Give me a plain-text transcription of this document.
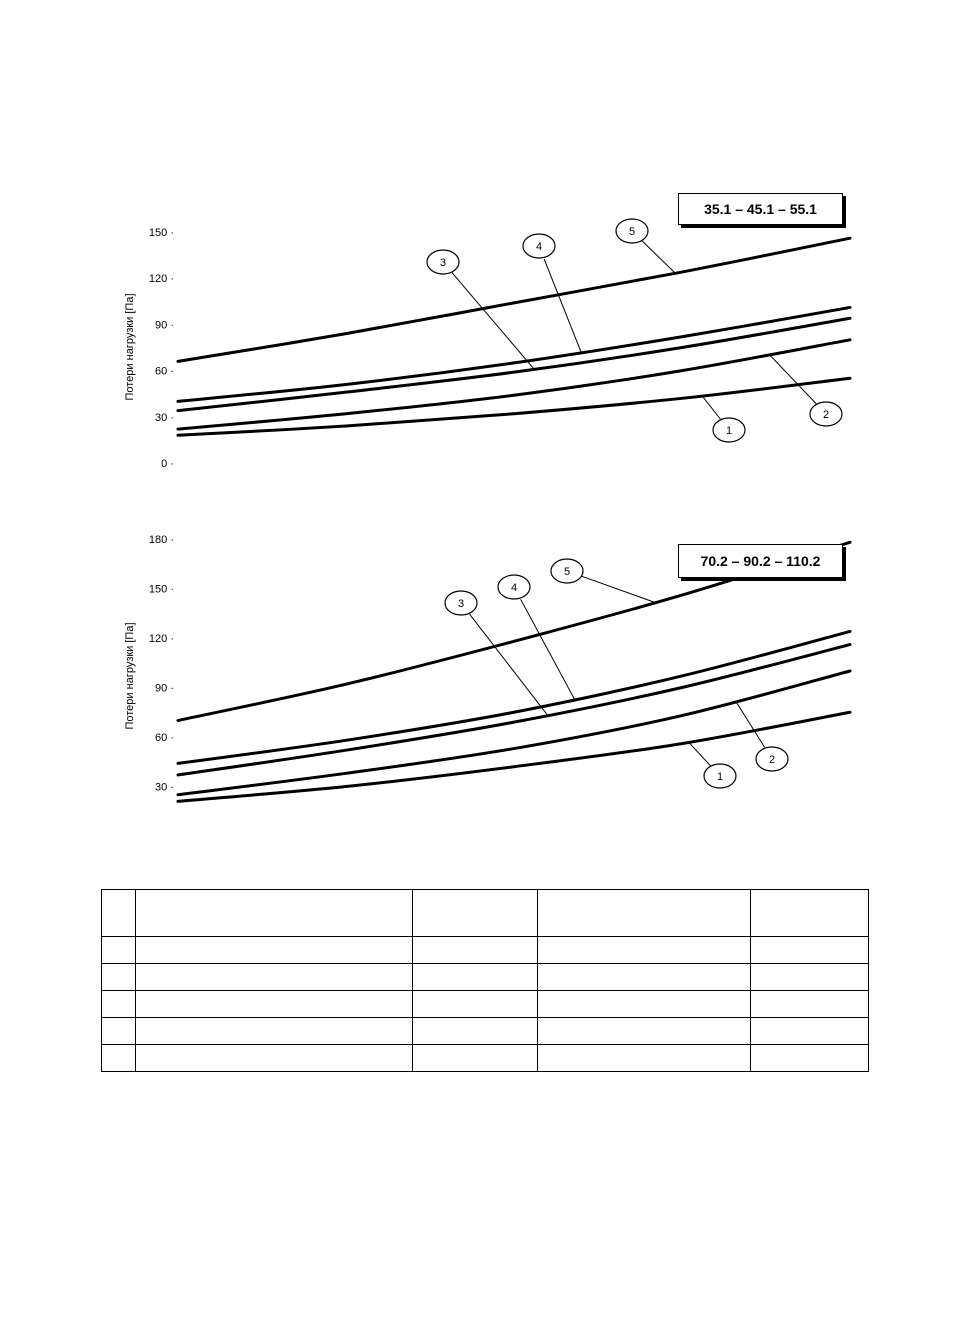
150 ·
120 ·
90 ·
60 ·
30 ·
0 ·
Потери нагрузки [Па]
1
2
3
4
5
35.1 – 45.1 – 55.1
180 ·
150 ·
120 ·
90 ·
60 ·
30 ·
Потери нагрузки [Па]
1
2
3
4
5
70.2 – 90.2 – 110.2
